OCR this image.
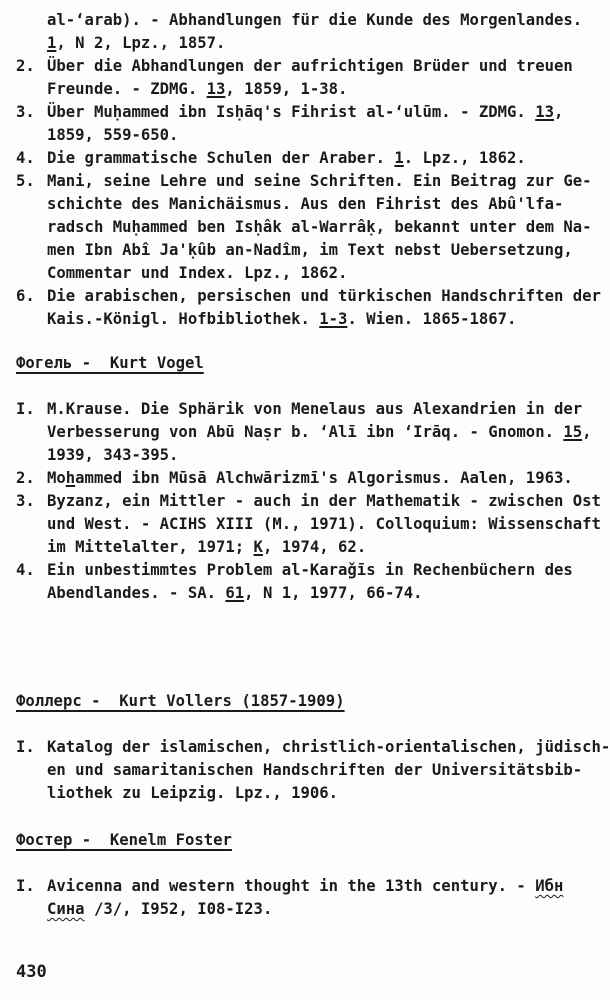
al-‘arab). - Abhandlungen für die Kunde des Morgenlandes.
1, N 2, Lpz., 1857.
2. Über die Abhandlungen der aufrichtigen Brüder und treuen
Freunde. - ZDMG. 13, 1859, 1-38.
3. Über Muḥammed ibn Isḥāq's Fihrist al-‘ulūm. - ZDMG. 13,
1859, 559-650.
4. Die grammatische Schulen der Araber. 1. Lpz., 1862.
5. Mani, seine Lehre und seine Schriften. Ein Beitrag zur Ge-
schichte des Manichäismus. Aus den Fihrist des Abû'lfa-
radsch Muḥammed ben Isḥâk al-Warrâḳ, bekannt unter dem Na-
men Ibn Abî Ja'ḳûb an-Nadîm, im Text nebst Uebersetzung,
Commentar und Index. Lpz., 1862.
6. Die arabischen, persischen und türkischen Handschriften der
Kais.-Königl. Hofbibliothek. 1-3. Wien. 1865-1867.
Фогель -  Kurt Vogel
I. M.Krause. Die Sphärik von Menelaus aus Alexandrien in der
Verbesserung von Abū Naṣr b. ‘Alī ibn ‘Irāq. - Gnomon. 15,
1939, 343-395.
2. Mohammed ibn Mūsā Alchwārizmī's Algorismus. Aalen, 1963.
3. Byzanz, ein Mittler - auch in der Mathematik - zwischen Ost
und West. - ACIHS XIII (M., 1971). Colloquium: Wissenschaft
im Mittelalter, 1971; K, 1974, 62.
4. Ein unbestimmtes Problem al-Karaǧīs in Rechenbüchern des
Abendlandes. - SA. 61, N 1, 1977, 66-74.
Фоллерс -  Kurt Vollers (1857-1909)
I. Katalog der islamischen, christlich-orientalischen, jüdisch-
en und samaritanischen Handschriften der Universitätsbib-
liothek zu Leipzig. Lpz., 1906.
Фостер -  Kenelm Foster
I. Avicenna and western thought in the 13th century. - Ибн
Сина /3/, I952, I08-I23.
430
